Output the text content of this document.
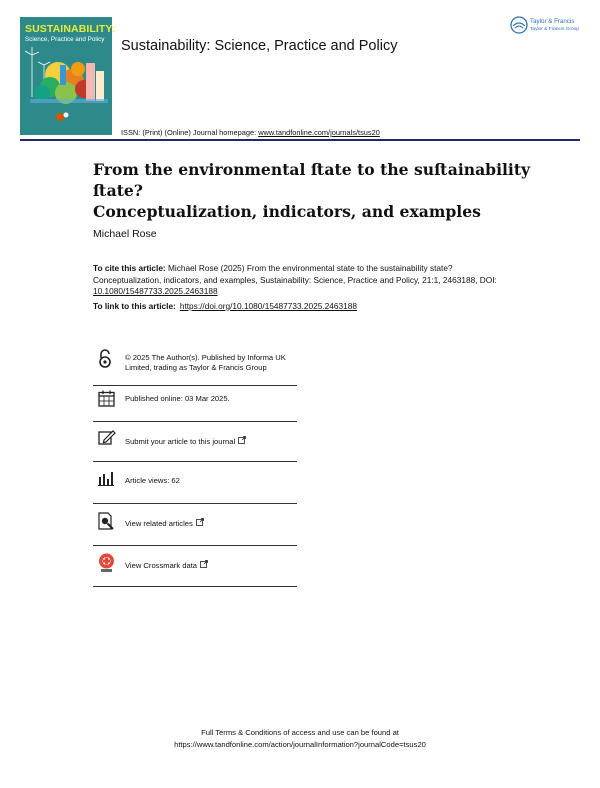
SUSTAINABILITY:
Science, Practice and Policy
Taylor & Francis
Sustainability: Science, Practice and Policy
ISSN: (Print) (Online) Journal homepage: www.tandfonline.com/journals/tsus20
Taylor & Francis
Taylor & Francis Group
From the environmental ﬅate to the suﬅainability ﬅate?
Conceptualization, indicators, and examples
Michael Rose
To cite this article: Michael Rose (2025) From the environmental state to the sustainability state? Conceptualization, indicators, and examples, Sustainability: Science, Practice and Policy, 21:1, 2463188, DOI: 10.1080/15487733.2025.2463188
To link to this article: https://doi.org/10.1080/15487733.2025.2463188
© 2025 The Author(s). Published by Informa UK Limited, trading as Taylor & Francis Group
Published online: 03 Mar 2025.
Submit your article to this journal
Article views: 62
View related articles
View Crossmark data
Full Terms & Conditions of access and use can be found at
https://www.tandfonline.com/action/journalInformation?journalCode=tsus20
